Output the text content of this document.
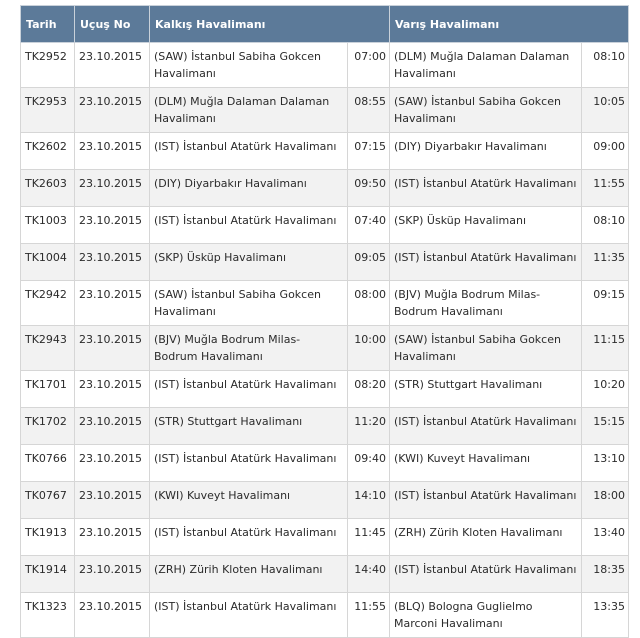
Tarih	Uçuş No	Kalkış Havalimanı		Varış Havalimanı	
TK2952	23.10.2015	(SAW) İstanbul Sabiha Gokcen Havalimanı	07:00	(DLM) Muğla Dalaman Dalaman Havalimanı	08:10
TK2953	23.10.2015	(DLM) Muğla Dalaman Dalaman Havalimanı	08:55	(SAW) İstanbul Sabiha Gokcen Havalimanı	10:05
TK2602	23.10.2015	(IST) İstanbul Atatürk Havalimanı	07:15	(DIY) Diyarbakır Havalimanı	09:00
TK2603	23.10.2015	(DIY) Diyarbakır Havalimanı	09:50	(IST) İstanbul Atatürk Havalimanı	11:55
TK1003	23.10.2015	(IST) İstanbul Atatürk Havalimanı	07:40	(SKP) Üsküp Havalimanı	08:10
TK1004	23.10.2015	(SKP) Üsküp Havalimanı	09:05	(IST) İstanbul Atatürk Havalimanı	11:35
TK2942	23.10.2015	(SAW) İstanbul Sabiha Gokcen Havalimanı	08:00	(BJV) Muğla Bodrum Milas-Bodrum Havalimanı	09:15
TK2943	23.10.2015	(BJV) Muğla Bodrum Milas-Bodrum Havalimanı	10:00	(SAW) İstanbul Sabiha Gokcen Havalimanı	11:15
TK1701	23.10.2015	(IST) İstanbul Atatürk Havalimanı	08:20	(STR) Stuttgart Havalimanı	10:20
TK1702	23.10.2015	(STR) Stuttgart Havalimanı	11:20	(IST) İstanbul Atatürk Havalimanı	15:15
TK0766	23.10.2015	(IST) İstanbul Atatürk Havalimanı	09:40	(KWI) Kuveyt Havalimanı	13:10
TK0767	23.10.2015	(KWI) Kuveyt Havalimanı	14:10	(IST) İstanbul Atatürk Havalimanı	18:00
TK1913	23.10.2015	(IST) İstanbul Atatürk Havalimanı	11:45	(ZRH) Zürih Kloten Havalimanı	13:40
TK1914	23.10.2015	(ZRH) Zürih Kloten Havalimanı	14:40	(IST) İstanbul Atatürk Havalimanı	18:35
TK1323	23.10.2015	(IST) İstanbul Atatürk Havalimanı	11:55	(BLQ) Bologna Guglielmo Marconi Havalimanı	13:35
